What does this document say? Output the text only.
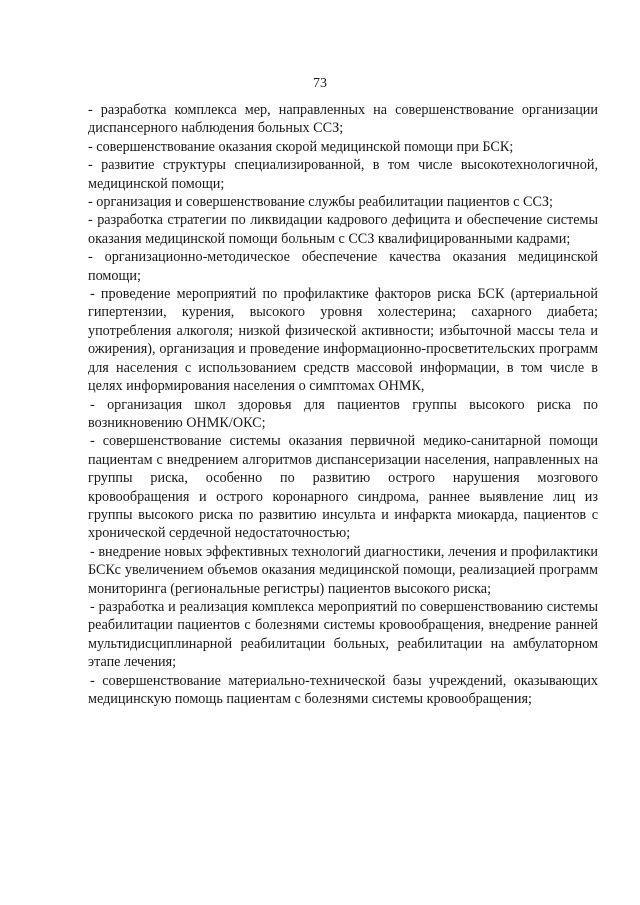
73

- разработка комплекса мер, направленных на совершенствование организации диспансерного наблюдения больных ССЗ;

- совершенствование оказания скорой медицинской помощи при БСК;

- развитие структуры специализированной, в том числе высокотехнологичной, медицинской помощи;

- организация и совершенствование службы реабилитации пациентов с ССЗ;

- разработка стратегии по ликвидации кадрового дефицита и обеспечение системы оказания медицинской помощи больным с ССЗ квалифицированными кадрами;

- организационно-методическое обеспечение качества оказания медицинской помощи;

- проведение мероприятий по профилактике факторов риска БСК (артериальной гипертензии, курения, высокого уровня холестерина; сахарного диабета; употребления алкоголя; низкой физической активности; избыточной массы тела и ожирения), организация и проведение информационно-просветительских программ для населения с использованием средств массовой информации, в том числе в целях информирования населения о симптомах ОНМК,

- организация школ здоровья для пациентов группы высокого риска по возникновению ОНМК/ОКС;

- совершенствование системы оказания первичной медико-санитарной помощи пациентам с внедрением алгоритмов диспансеризации населения, направленных на группы риска, особенно по развитию острого нарушения мозгового кровообращения и острого коронарного синдрома, раннее выявление лиц из группы высокого риска по развитию инсульта и инфаркта миокарда, пациентов с хронической сердечной недостаточностью;

- внедрение новых эффективных технологий диагностики, лечения и профилактики БСКс увеличением объемов оказания медицинской помощи, реализацией программ мониторинга (региональные регистры) пациентов высокого риска;

- разработка и реализация комплекса мероприятий по совершенствованию системы реабилитации пациентов с болезнями системы кровообращения, внедрение ранней мультидисциплинарной реабилитации больных, реабилитации на амбулаторном этапе лечения;

- совершенствование материально-технической базы учреждений, оказывающих медицинскую помощь пациентам с болезнями системы кровообращения;
